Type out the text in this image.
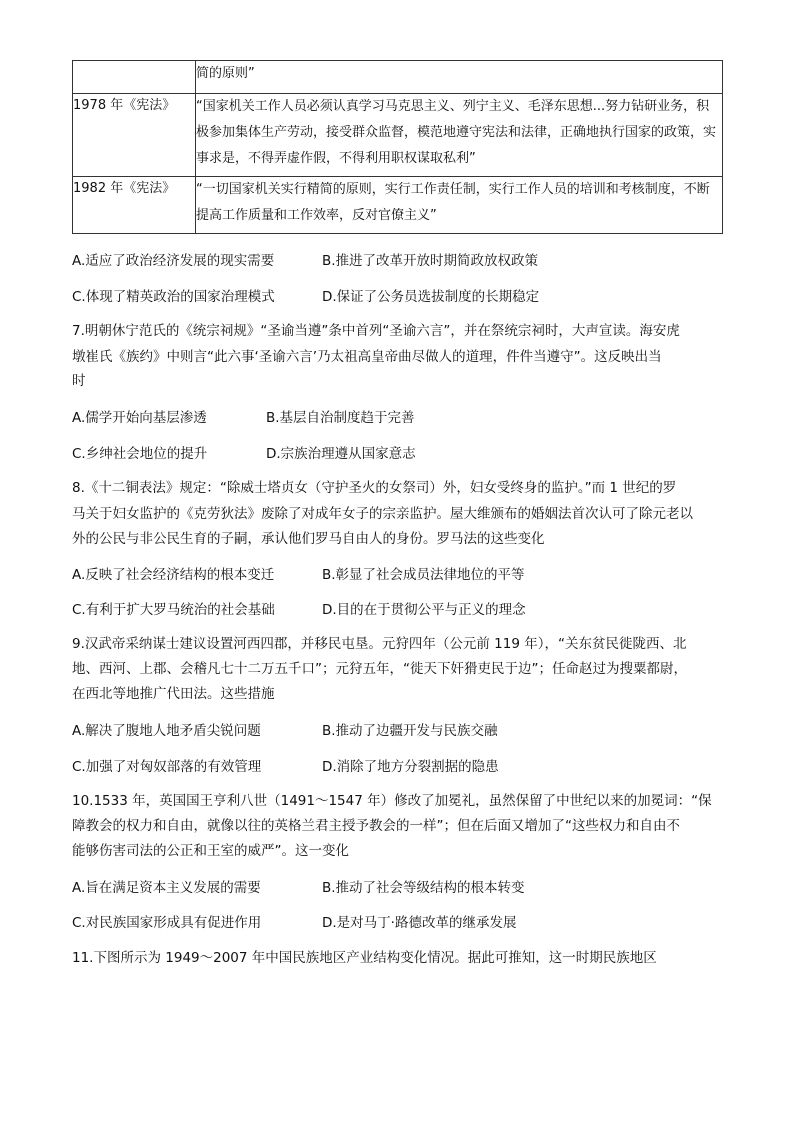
	简的原则”
1978 年《宪法》	“国家机关工作人员必须认真学习马克思主义、列宁主义、毛泽东思想...努力钻研业务，积极参加集体生产劳动，接受群众监督，模范地遵守宪法和法律，正确地执行国家的政策，实事求是，不得弄虚作假，不得利用职权谋取私利”
1982 年《宪法》	“一切国家机关实行精简的原则，实行工作责任制，实行工作人员的培训和考核制度，不断提高工作质量和工作效率，反对官僚主义”
A.适应了政治经济发展的现实需要	B.推进了改革开放时期简政放权政策
C.体现了精英政治的国家治理模式	D.保证了公务员选拔制度的长期稳定
7.明朝休宁范氏的《统宗祠规》“圣谕当遵”条中首列“圣谕六言”，并在祭统宗祠时，大声宣读。海安虎
墩崔氏《族约》中则言“此六事‘圣谕六言’乃太祖高皇帝曲尽做人的道理，件件当遵守”。这反映出当
时
A.儒学开始向基层渗透	B.基层自治制度趋于完善
C.乡绅社会地位的提升	D.宗族治理遵从国家意志
8.《十二铜表法》规定：“除威士塔贞女（守护圣火的女祭司）外，妇女受终身的监护。”而 1 世纪的罗
马关于妇女监护的《克劳狄法》废除了对成年女子的宗亲监护。屋大维颁布的婚姻法首次认可了除元老以
外的公民与非公民生育的子嗣，承认他们罗马自由人的身份。罗马法的这些变化
A.反映了社会经济结构的根本变迁	B.彰显了社会成员法律地位的平等
C.有利于扩大罗马统治的社会基础	D.目的在于贯彻公平与正义的理念
9.汉武帝采纳谋士建议设置河西四郡，并移民屯垦。元狩四年（公元前 119 年），“关东贫民徙陇西、北
地、西河、上郡、会稽凡七十二万五千口”；元狩五年，“徙天下奸猾吏民于边”；任命赵过为搜粟都尉，
在西北等地推广代田法。这些措施
A.解决了腹地人地矛盾尖锐问题	B.推动了边疆开发与民族交融
C.加强了对匈奴部落的有效管理	D.消除了地方分裂割据的隐患
10.1533 年，英国国王亨利八世（1491～1547 年）修改了加冕礼，虽然保留了中世纪以来的加冕词：“保
障教会的权力和自由，就像以往的英格兰君主授予教会的一样”；但在后面又增加了“这些权力和自由不
能够伤害司法的公正和王室的威严”。这一变化
A.旨在满足资本主义发展的需要	B.推动了社会等级结构的根本转变
C.对民族国家形成具有促进作用	D.是对马丁·路德改革的继承发展
11.下图所示为 1949～2007 年中国民族地区产业结构变化情况。据此可推知，这一时期民族地区
